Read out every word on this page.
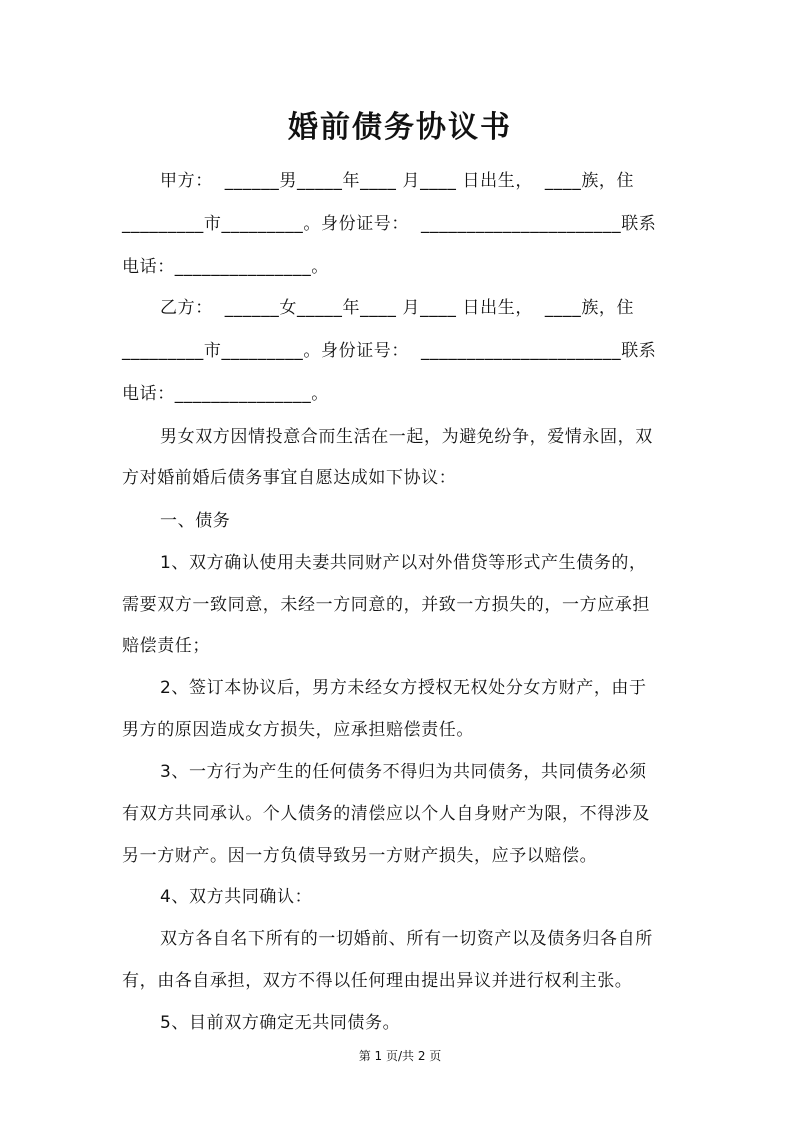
婚前债务协议书
甲方：  ______男_____年____ 月____ 日出生，  ____族，住
_________市_________。身份证号：  ______________________联系
电话：_______________。
乙方：  ______女_____年____ 月____ 日出生，  ____族，住
_________市_________。身份证号：  ______________________联系
电话：_______________。
男女双方因情投意合而生活在一起，为避免纷争，爱情永固，双
方对婚前婚后债务事宜自愿达成如下协议：
一、债务
1、双方确认使用夫妻共同财产以对外借贷等形式产生债务的，
需要双方一致同意，未经一方同意的，并致一方损失的，一方应承担
赔偿责任；
2、签订本协议后，男方未经女方授权无权处分女方财产，由于
男方的原因造成女方损失，应承担赔偿责任。
3、一方行为产生的任何债务不得归为共同债务，共同债务必须
有双方共同承认。个人债务的清偿应以个人自身财产为限，不得涉及
另一方财产。因一方负债导致另一方财产损失，应予以赔偿。
4、双方共同确认：
双方各自名下所有的一切婚前、所有一切资产以及债务归各自所
有，由各自承担，双方不得以任何理由提出异议并进行权利主张。
5、目前双方确定无共同债务。
第 1 页/共 2 页
